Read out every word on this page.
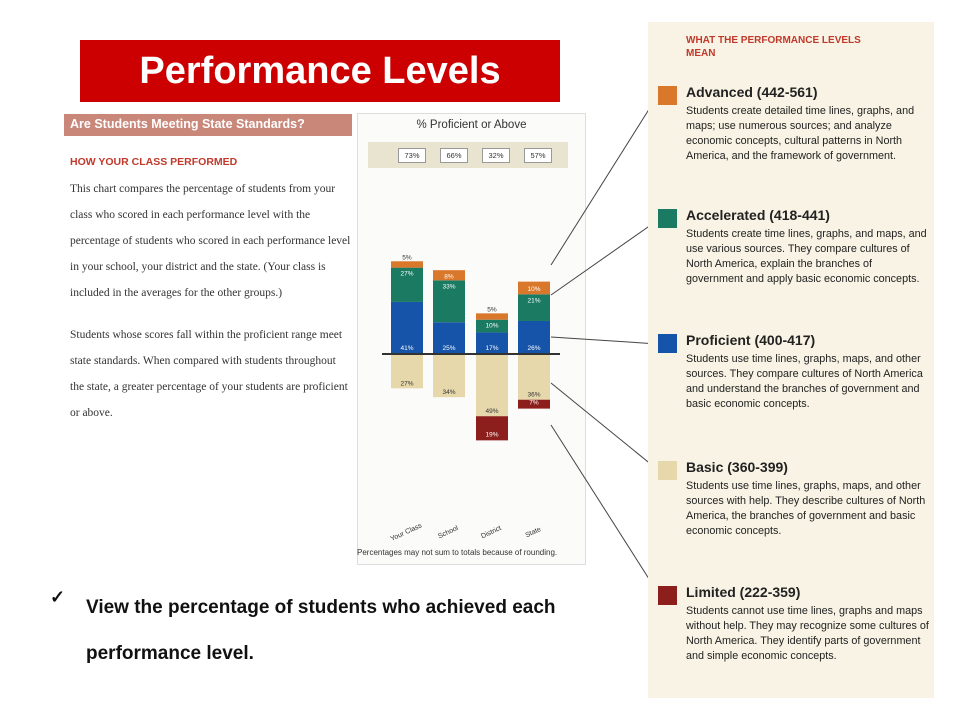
Performance Levels
Are Students Meeting State Standards?
HOW YOUR CLASS PERFORMED
This chart compares the percentage of students from your class who scored in each performance level with the percentage of students who scored in each performance level in your school, your district and the state. (Your class is included in the averages for the other groups.)
Students whose scores fall within the proficient range meet state standards. When compared with students throughout the state, a greater percentage of your students are proficient or above.
% Proficient or Above
73%	66%	32%	57%
41%
27%
5%
27%
Your Class
25%
33%
8%
34%
School
17%
10%
5%
49%
19%
District
26%
21%
10%
36%
7%
State
Percentages may not sum to totals because of rounding.
WHAT THE PERFORMANCE LEVELS MEAN
Advanced (442-561)
Students create detailed time lines, graphs, and maps; use numerous sources; and analyze economic concepts, cultural patterns in North America, and the framework of government.
Accelerated (418-441)
Students create time lines, graphs, and maps, and use various sources. They compare cultures of North America, explain the branches of government and apply basic economic concepts.
Proficient (400-417)
Students use time lines, graphs, maps, and other sources. They compare cultures of North America and understand the branches of government and basic economic concepts.
Basic (360-399)
Students use time lines, graphs, maps, and other sources with help. They describe cultures of North America, the branches of government and basic economic concepts.
Limited (222-359)
Students cannot use time lines, graphs and maps without help. They may recognize some cultures of North America. They identify parts of government and simple economic concepts.
✓ View the percentage of students who achieved each performance level.
